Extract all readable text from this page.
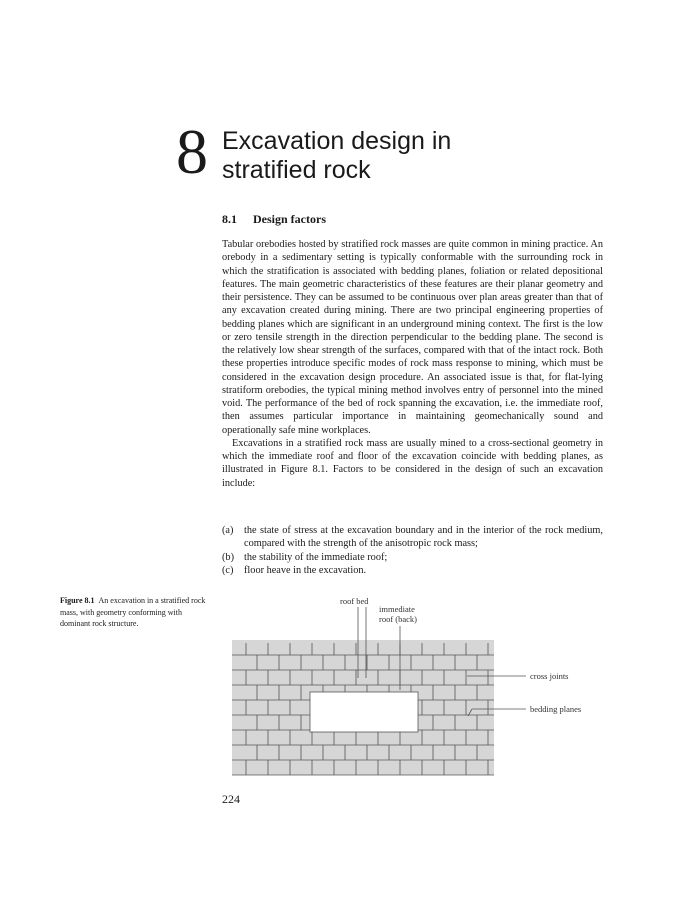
8 Excavation design in
stratified rock
8.1 Design factors

Tabular orebodies hosted by stratified rock masses are quite common in mining practice. An orebody in a sedimentary setting is typically conformable with the surrounding rock in which the stratification is associated with bedding planes, foliation or related depositional features. The main geometric characteristics of these features are their planar geometry and their persistence. They can be assumed to be continuous over plan areas greater than that of any excavation created during mining. There are two principal engineering properties of bedding planes which are significant in an underground mining context. The first is the low or zero tensile strength in the direction perpendicular to the bedding plane. The second is the relatively low shear strength of the surfaces, compared with that of the intact rock. Both these properties introduce specific modes of rock mass response to mining, which must be considered in the excavation design procedure. An associated issue is that, for flat-lying stratiform orebodies, the typical mining method involves entry of personnel into the mined void. The performance of the bed of rock spanning the excavation, i.e. the immediate roof, then assumes particular importance in maintaining geomechanically sound and operationally safe mine workplaces.

Excavations in a stratified rock mass are usually mined to a cross-sectional geometry in which the immediate roof and floor of the excavation coincide with bedding planes, as illustrated in Figure 8.1. Factors to be considered in the design of such an excavation include:

(a)	the state of stress at the excavation boundary and in the interior of the rock medium, compared with the strength of the anisotropic rock mass;
(b) the stability of the immediate roof;
(c)	floor heave in the excavation.
Figure 8.1 An excavation in a stratified rock mass, with geometry conforming with dominant rock structure.
roof bed
immediate
roof (back)
cross joints
bedding planes
224
